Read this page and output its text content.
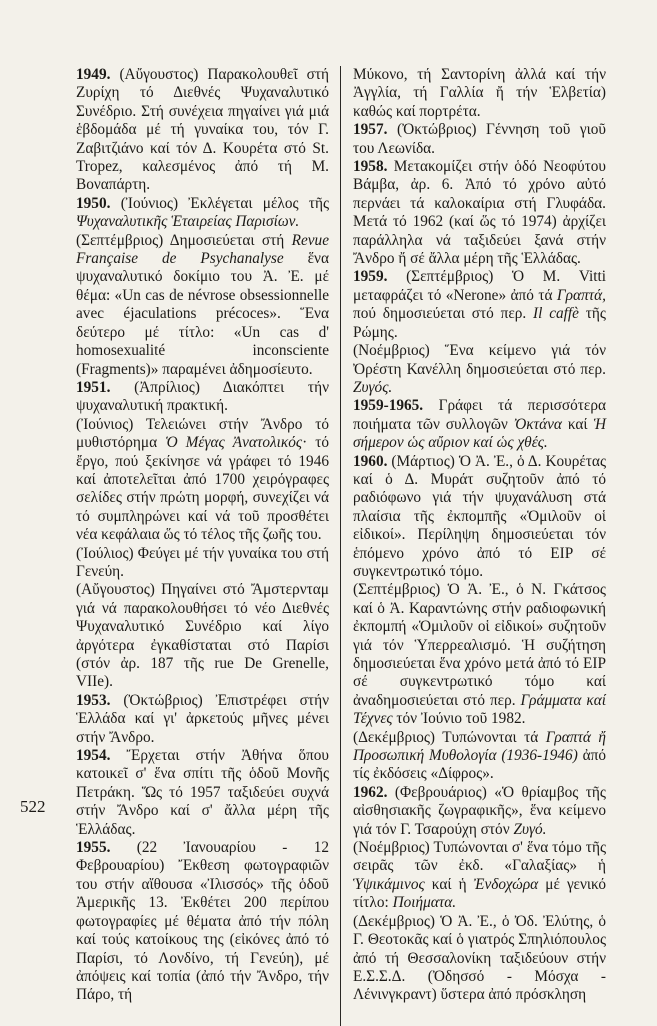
1949. (Αὔγουστος) Παρακολουθεῖ στή Ζυρίχη τό Διεθνές Ψυχαναλυτικό Συνέδριο. Στή συνέχεια πηγαίνει γιά μιά ἑβδομάδα μέ τή γυναίκα του, τόν Γ. Ζαβιτζιάνο καί τόν Δ. Κουρέτα στό St. Tropez, καλεσμένος ἀπό τή Μ. Βοναπάρτη.

1950. (Ἰούνιος) Ἐκλέγεται μέλος τῆς Ψυχαναλυτικῆς Ἑταιρείας Παρισίων.

(Σεπτέμβριος) Δημοσιεύεται στή Revue Française de Psychanalyse ἕνα ψυχαναλυτικό δοκίμιο του Ἀ. Ἐ. μέ θέμα: «Un cas de névrose obsessionnelle avec éjaculations précoces». Ἕνα δεύτερο μέ τίτλο: «Un cas d' homosexualité inconsciente (Fragments)» παραμένει ἀδημοσίευτο.

1951. (Ἀπρίλιος) Διακόπτει τήν ψυχαναλυτική πρακτική.

(Ἰούνιος) Τελειώνει στήν Ἄνδρο τό μυθιστόρημα Ὁ Μέγας Ἀνατολικός· τό ἔργο, πού ξεκίνησε νά γράφει τό 1946 καί ἀποτελεῖται ἀπό 1700 χειρόγραφες σελίδες στήν πρώτη μορφή, συνεχίζει νά τό συμπληρώνει καί νά τοῦ προσθέτει νέα κεφάλαια ὥς τό τέλος τῆς ζωῆς του.

(Ἰούλιος) Φεύγει μέ τήν γυναίκα του στή Γενεύη.

(Αὔγουστος) Πηγαίνει στό Ἄμστερνταμ γιά νά παρακολουθήσει τό νέο Διεθνές Ψυχαναλυτικό Συνέδριο καί λίγο ἀργότερα ἐγκαθίσταται στό Παρίσι (στόν ἀρ. 187 τῆς rue De Grenelle, VIIe).

1953. (Ὀκτώβριος) Ἐπιστρέφει στήν Ἑλλάδα καί γι' ἀρκετούς μῆνες μένει στήν Ἄνδρο.

1954. Ἔρχεται στήν Ἀθήνα ὅπου κατοικεῖ σ' ἕνα σπίτι τῆς ὁδοῦ Μονῆς Πετράκη. Ὥς τό 1957 ταξιδεύει συχνά στήν Ἄνδρο καί σ' ἄλλα μέρη τῆς Ἑλλάδας.

1955. (22 Ἰανουαρίου - 12 Φεβρουαρίου) Ἔκθεση φωτογραφιῶν του στήν αἴθουσα «Ἰλισσός» τῆς ὁδοῦ Ἀμερικῆς 13. Ἐκθέτει 200 περίπου φωτογραφίες μέ θέματα ἀπό τήν πόλη καί τούς κατοίκους της (εἰκόνες ἀπό τό Παρίσι, τό Λονδίνο, τή Γενεύη), μέ ἀπόψεις καί τοπία (ἀπό τήν Ἄνδρο, τήν Πάρο, τή

Μύκονο, τή Σαντορίνη ἀλλά καί τήν Ἀγγλία, τή Γαλλία ἤ τήν Ἑλβετία) καθώς καί πορτρέτα.

1957. (Ὀκτώβριος) Γέννηση τοῦ γιοῦ του Λεωνίδα.

1958. Μετακομίζει στήν ὁδό Νεοφύτου Βάμβα, ἀρ. 6. Ἀπό τό χρόνο αὐτό περνάει τά καλοκαίρια στή Γλυφάδα. Μετά τό 1962 (καί ὥς τό 1974) ἀρχίζει παράλληλα νά ταξιδεύει ξανά στήν Ἄνδρο ἤ σέ ἄλλα μέρη τῆς Ἑλλάδας.

1959. (Σεπτέμβριος) Ὁ Μ. Vitti μεταφράζει τό «Nerone» ἀπό τά Γραπτά, πού δημοσιεύεται στό περ. Il caffè τῆς Ρώμης.

(Νοέμβριος) Ἕνα κείμενο γιά τόν Ὀρέστη Κανέλλη δημοσιεύεται στό περ. Ζυγός.

1959-1965. Γράφει τά περισσότερα ποιήματα τῶν συλλογῶν Ὀκτάνα καί Ἡ σήμερον ὡς αὔριον καί ὡς χθές.

1960. (Μάρτιος) Ὁ Ἀ. Ἐ., ὁ Δ. Κουρέτας καί ὁ Δ. Μυράτ συζητοῦν ἀπό τό ραδιόφωνο γιά τήν ψυχανάλυση στά πλαίσια τῆς ἐκπομπῆς «Ὁμιλοῦν οἱ εἰδικοί». Περίληψη δημοσιεύεται τόν ἑπόμενο χρόνο ἀπό τό ΕΙΡ σέ συγκεντρωτικό τόμο.

(Σεπτέμβριος) Ὁ Ἀ. Ἐ., ὁ Ν. Γκάτσος καί ὁ Ἀ. Καραντώνης στήν ραδιοφωνική ἐκπομπή «Ὁμιλοῦν οἱ εἰδικοί» συζητοῦν γιά τόν Ὑπερρεαλισμό. Ἡ συζήτηση δημοσιεύεται ἕνα χρόνο μετά ἀπό τό ΕΙΡ σέ συγκεντρωτικό τόμο καί ἀναδημοσιεύεται στό περ. Γράμματα καί Τέχνες τόν Ἰούνιο τοῦ 1982.

(Δεκέμβριος) Τυπώνονται τά Γραπτά ἤ Προσωπική Μυθολογία (1936-1946) ἀπό τίς ἐκδόσεις «Δίφρος».

1962. (Φεβρουάριος) «Ὁ θρίαμβος τῆς αἰσθησιακῆς ζωγραφικῆς», ἕνα κείμενο γιά τόν Γ. Τσαρούχη στόν Ζυγό.

(Νοέμβριος) Τυπώνονται σ' ἕνα τόμο τῆς σειρᾶς τῶν ἐκδ. «Γαλαξίας» ἡ Ὑψικάμινος καί ἡ Ἐνδοχώρα μέ γενικό τίτλο: Ποιήματα.

(Δεκέμβριος) Ὁ Ἀ. Ἐ., ὁ Ὀδ. Ἐλύτης, ὁ Γ. Θεοτοκᾶς καί ὁ γιατρός Σπηλιόπουλος ἀπό τή Θεσσαλονίκη ταξιδεύουν στήν Ε.Σ.Σ.Δ. (Ὀδησσό - Μόσχα - Λένινγκραντ) ὕστερα ἀπό πρόσκληση

522
